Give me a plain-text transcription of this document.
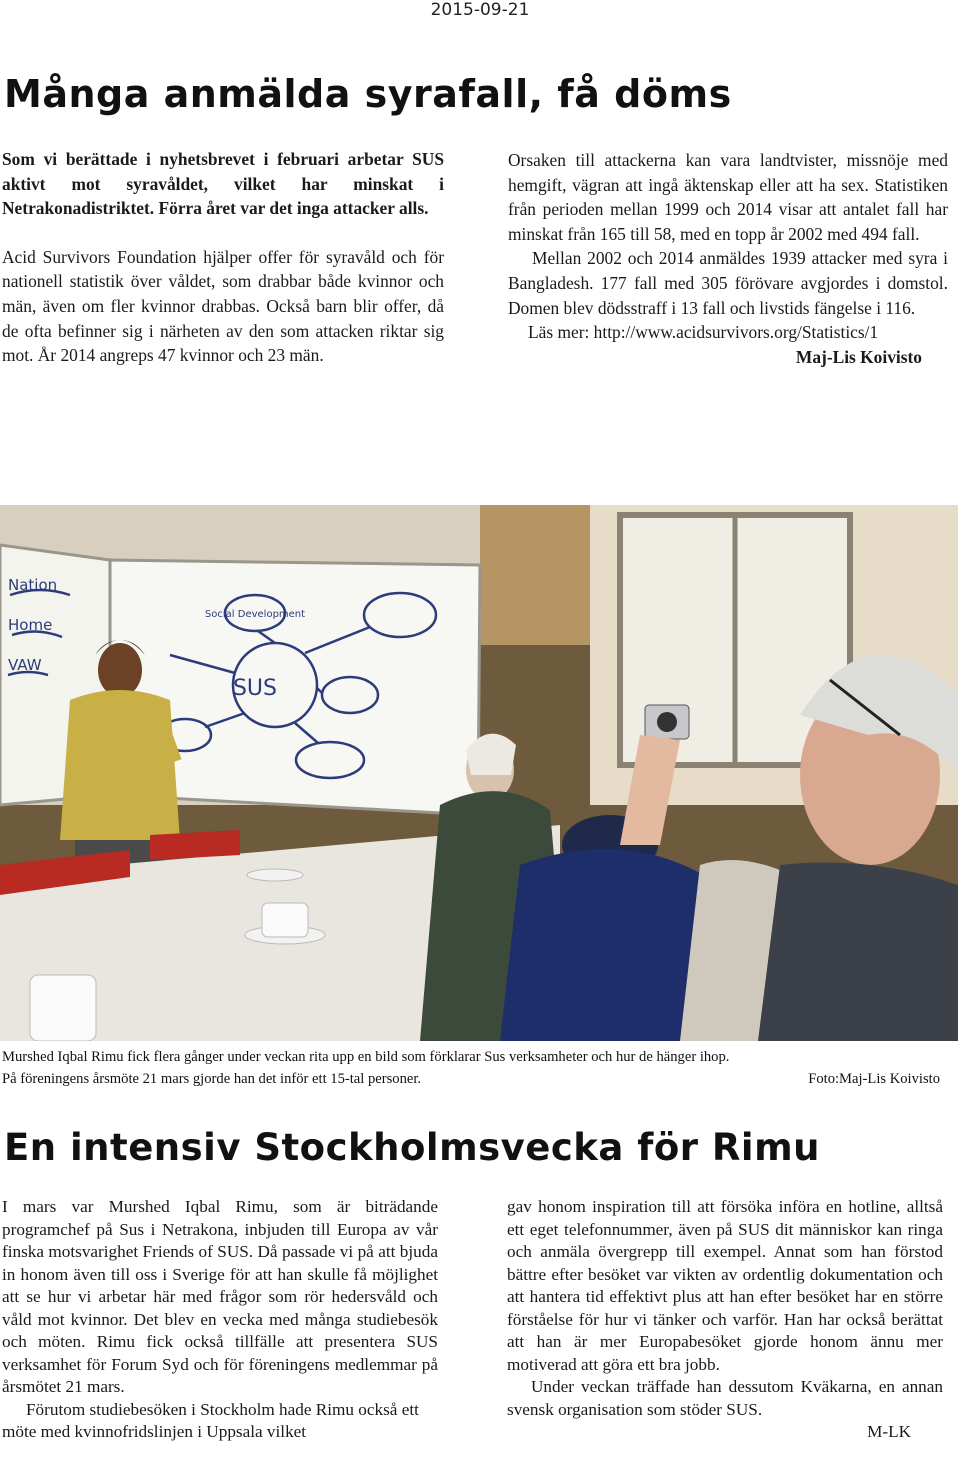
2015-09-21
Många anmälda syrafall, få döms

Som vi berättade i nyhetsbrevet i februari arbetar SUS aktivt mot syravåldet, vilket har minskat i Netrakonadistriktet. Förra året var det inga attacker alls.

Acid Survivors Foundation hjälper offer för syravåld och för nationell statistik över våldet, som drabbar både kvinnor och män, även om fler kvinnor drabbas. Också barn blir offer, då de ofta befinner sig i närheten av den som attacken riktar sig mot. År 2014 angreps 47 kvinnor och 23 män.

Orsaken till attackerna kan vara landtvister, missnöje med hemgift, vägran att ingå äktenskap eller att ha sex. Statistiken från perioden mellan 1999 och 2014 visar att antalet fall har minskat från 165 till 58, med en topp år 2002 med 494 fall.

Mellan 2002 och 2014 anmäldes 1939 attacker med syra i Bangladesh. 177 fall med 305 förövare avgjordes i domstol. Domen blev dödsstraff i 13 fall och livstids fängelse i 116.

Läs mer: http://www.acidsurvivors.org/Statistics/1

Maj-Lis Koivisto

SUS
Social Development
Nation
Home
VAW
Murshed Iqbal Rimu fick flera gånger under veckan rita upp en bild som förklarar Sus verksamheter och hur de hänger ihop.
På föreningens årsmöte 21 mars gjorde han det inför ett 15-tal personer.	Foto:Maj-Lis Koivisto
En intensiv Stockholmsvecka för Rimu

I mars var Murshed Iqbal Rimu, som är biträdande programchef på Sus i Netrakona, inbjuden till Europa av vår finska motsvarighet Friends of SUS. Då passade vi på att bjuda in honom även till oss i Sverige för att han skulle få möjlighet att se hur vi arbetar här med frågor som rör hedersvåld och våld mot kvinnor. Det blev en vecka med många studiebesök och möten. Rimu fick också tillfälle att presentera SUS verksamhet för Forum Syd och för föreningens medlemmar på årsmötet 21 mars.

Förutom studiebesöken i Stockholm hade Rimu också ett möte med kvinnofridslinjen i Uppsala vilket

gav honom inspiration till att försöka införa en hotline, alltså ett eget telefonnummer, även på SUS dit människor kan ringa och anmäla övergrepp till exempel. Annat som han förstod bättre efter besöket var vikten av ordentlig dokumentation och att hantera tid effektivt plus att han efter besöket har en större förståelse för hur vi tänker och varför. Han har också berättat att han är mer Europabesöket gjorde honom ännu mer motiverad att göra ett bra jobb.

Under veckan träffade han dessutom Kväkarna, en annan svensk organisation som stöder SUS.

M-LK
